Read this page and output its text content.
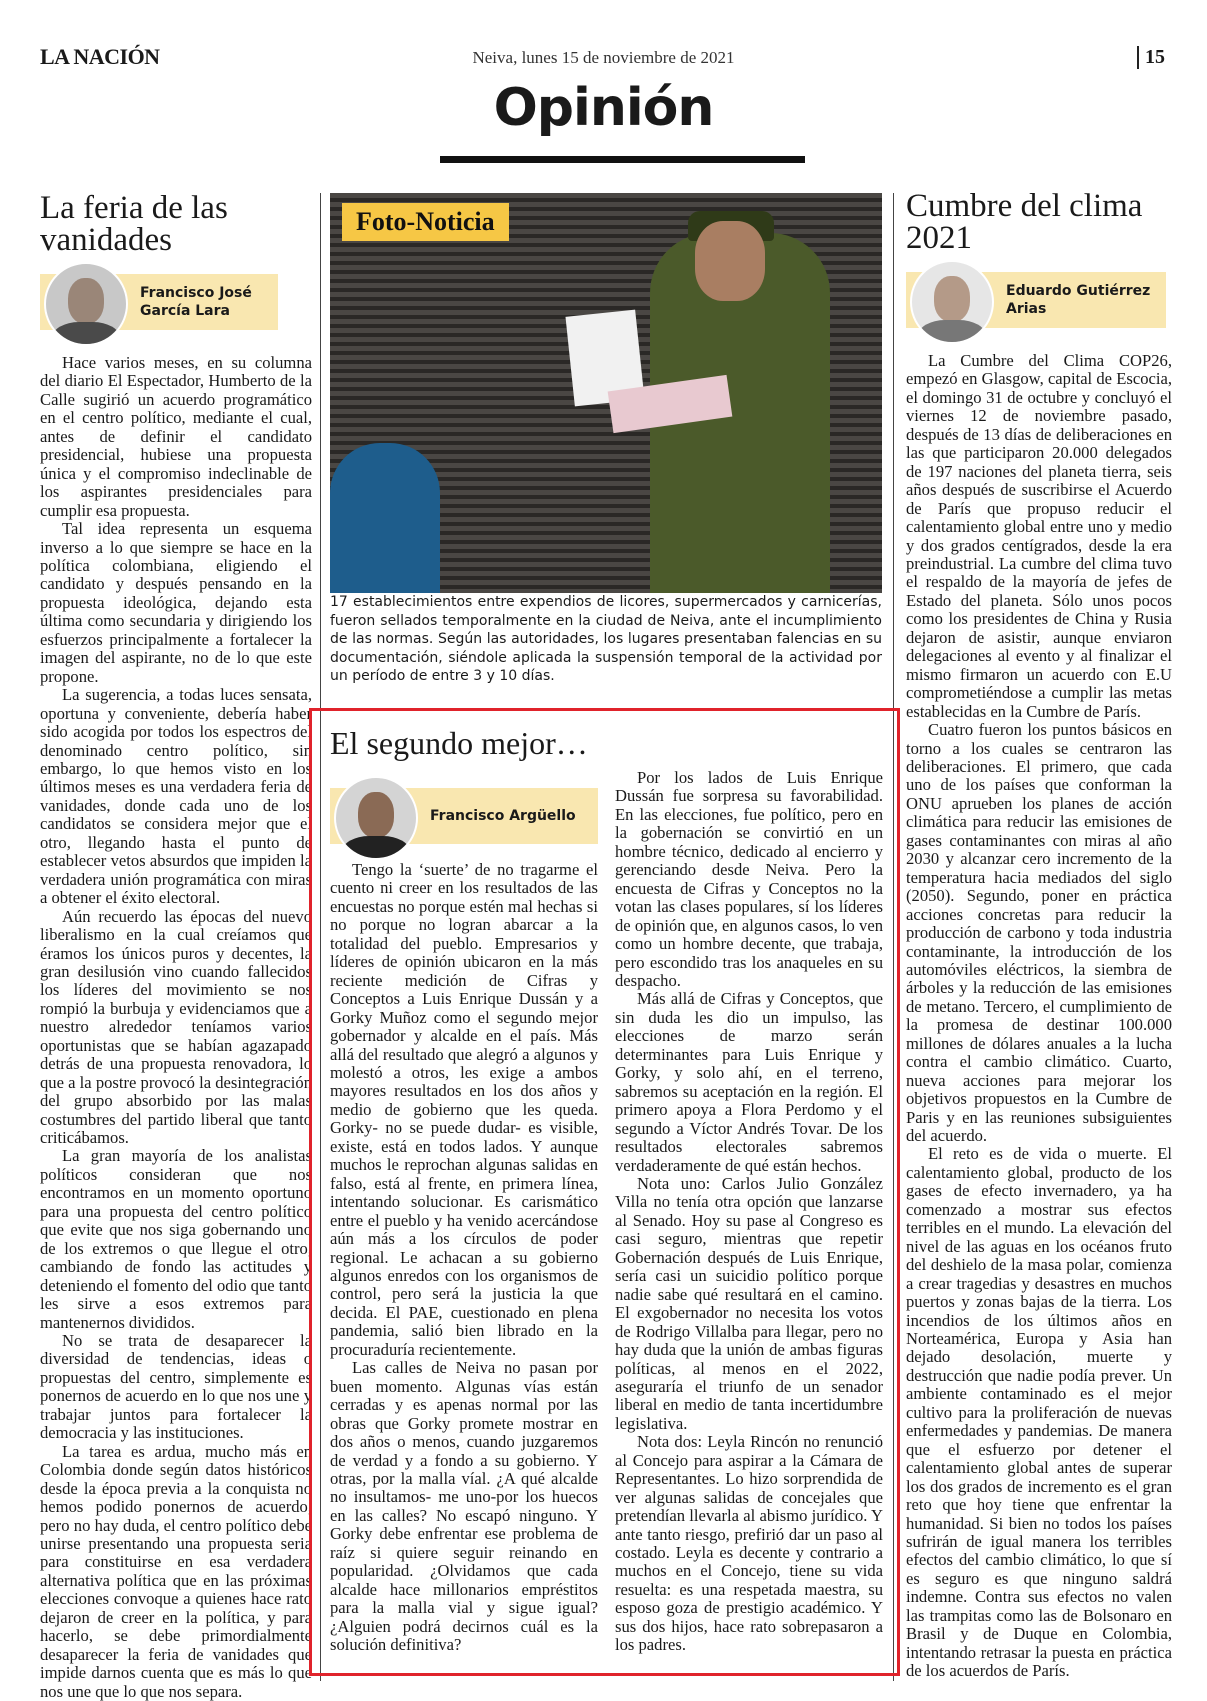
LA NACIÓN	Neiva, lunes 15 de noviembre de 2021	15
Opinión
La feria de las vanidades
Francisco José García Lara

Hace varios meses, en su columna del diario El Espectador, Humberto de la Calle sugirió un acuerdo programático en el centro político, mediante el cual, antes de definir el candidato presidencial, hubiese una propuesta única y el compromiso indeclinable de los aspirantes presidenciales para cumplir esa propuesta.

Tal idea representa un esquema inverso a lo que siempre se hace en la política colombiana, eligiendo el candidato y después pensando en la propuesta ideológica, dejando esta última como secundaria y dirigiendo los esfuerzos principalmente a fortalecer la imagen del aspirante, no de lo que este propone.

La sugerencia, a todas luces sensata, oportuna y conveniente, debería haber sido acogida por todos los espectros del denominado centro político, sin embargo, lo que hemos visto en los últimos meses es una verdadera feria de vanidades, donde cada uno de los candidatos se considera mejor que el otro, llegando hasta el punto de establecer vetos absurdos que impiden la verdadera unión programática con miras a obtener el éxito electoral.

Aún recuerdo las épocas del nuevo liberalismo en la cual creíamos que éramos los únicos puros y decentes, la gran desilusión vino cuando fallecidos los líderes del movimiento se nos rompió la burbuja y evidenciamos que a nuestro alrededor teníamos varios oportunistas que se habían agazapado detrás de una propuesta renovadora, lo que a la postre provocó la desintegración del grupo absorbido por las malas costumbres del partido liberal que tanto criticábamos.

La gran mayoría de los analistas políticos consideran que nos encontramos en un momento oportuno para una propuesta del centro político que evite que nos siga gobernando uno de los extremos o que llegue el otro, cambiando de fondo las actitudes y deteniendo el fomento del odio que tanto les sirve a esos extremos para mantenernos divididos.

No se trata de desaparecer la diversidad de tendencias, ideas o propuestas del centro, simplemente es ponernos de acuerdo en lo que nos une y trabajar juntos para fortalecer la democracia y las instituciones.

La tarea es ardua, mucho más en Colombia donde según datos históricos desde la época previa a la conquista no hemos podido ponernos de acuerdo, pero no hay duda, el centro político debe unirse presentando una propuesta seria para constituirse en esa verdadera alternativa política que en las próximas elecciones convoque a quienes hace rato dejaron de creer en la política, y para hacerlo, se debe primordialmente desaparecer la feria de vanidades que impide darnos cuenta que es más lo que nos une que lo que nos separa.

Foto-Noticia
17 establecimientos entre expendios de licores, supermercados y carnicerías, fueron sellados temporalmente en la ciudad de Neiva, ante el incumplimiento de las normas. Según las autoridades, los lugares presentaban falencias en su documentación, siéndole aplicada la suspensión temporal de la actividad por un período de entre 3 y 10 días.
El segundo mejor…
Francisco Argüello

Tengo la ‘suerte’ de no tragarme el cuento ni creer en los resultados de las encuestas no porque estén mal hechas si no porque no logran abarcar a la totalidad del pueblo. Empresarios y líderes de opinión ubicaron en la más reciente medición de Cifras y Conceptos a Luis Enrique Dussán y a Gorky Muñoz como el segundo mejor gobernador y alcalde en el país. Más allá del resultado que alegró a algunos y molestó a otros, les exige a ambos mayores resultados en los dos años y medio de gobierno que les queda. Gorky- no se puede dudar- es visible, existe, está en todos lados. Y aunque muchos le reprochan algunas salidas en falso, está al frente, en primera línea, intentando solucionar. Es carismático entre el pueblo y ha venido acercándose aún más a los círculos de poder regional. Le achacan a su gobierno algunos enredos con los organismos de control, pero será la justicia la que decida. El PAE, cuestionado en plena pandemia, salió bien librado en la procuraduría recientemente.

Las calles de Neiva no pasan por buen momento. Algunas vías están cerradas y es apenas normal por las obras que Gorky promete mostrar en dos años o menos, cuando juzgaremos de verdad y a fondo a su gobierno. Y otras, por la malla víal. ¿A qué alcalde no insultamos- me uno-por los huecos en las calles? No escapó ninguno. Y Gorky debe enfrentar ese problema de raíz si quiere seguir reinando en popularidad. ¿Olvidamos que cada alcalde hace millonarios empréstitos para la malla vial y sigue igual? ¿Alguien podrá decirnos cuál es la solución definitiva?

Por los lados de Luis Enrique Dussán fue sorpresa su favorabilidad. En las elecciones, fue político, pero en la gobernación se convirtió en un hombre técnico, dedicado al encierro y gerenciando desde Neiva. Pero la encuesta de Cifras y Conceptos no la votan las clases populares, sí los líderes de opinión que, en algunos casos, lo ven como un hombre decente, que trabaja, pero escondido tras los anaqueles en su despacho.

Más allá de Cifras y Conceptos, que sin duda les dio un impulso, las elecciones de marzo serán determinantes para Luis Enrique y Gorky, y solo ahí, en el terreno, sabremos su aceptación en la región. El primero apoya a Flora Perdomo y el segundo a Víctor Andrés Tovar. De los resultados electorales sabremos verdaderamente de qué están hechos.

Nota uno: Carlos Julio González Villa no tenía otra opción que lanzarse al Senado. Hoy su pase al Congreso es casi seguro, mientras que repetir Gobernación después de Luis Enrique, sería casi un suicidio político porque nadie sabe qué resultará en el camino. El exgobernador no necesita los votos de Rodrigo Villalba para llegar, pero no hay duda que la unión de ambas figuras políticas, al menos en el 2022, aseguraría el triunfo de un senador liberal en medio de tanta incertidumbre legislativa.

Nota dos: Leyla Rincón no renunció al Concejo para aspirar a la Cámara de Representantes. Lo hizo sorprendida de ver algunas salidas de concejales que pretendían llevarla al abismo jurídico. Y ante tanto riesgo, prefirió dar un paso al costado. Leyla es decente y contrario a muchos en el Concejo, tiene su vida resuelta: es una respetada maestra, su esposo goza de prestigio académico. Y sus dos hijos, hace rato sobrepasaron a los padres.

Cumbre del clima 2021
Eduardo Gutiérrez Arias

La Cumbre del Clima COP26, empezó en Glasgow, capital de Escocia, el domingo 31 de octubre y concluyó el viernes 12 de noviembre pasado, después de 13 días de deliberaciones en las que participaron 20.000 delegados de 197 naciones del planeta tierra, seis años después de suscribirse el Acuerdo de París que propuso reducir el calentamiento global entre uno y medio y dos grados centígrados, desde la era preindustrial. La cumbre del clima tuvo el respaldo de la mayoría de jefes de Estado del planeta. Sólo unos pocos como los presidentes de China y Rusia dejaron de asistir, aunque enviaron delegaciones al evento y al finalizar el mismo firmaron un acuerdo con E.U comprometiéndose a cumplir las metas establecidas en la Cumbre de París.

Cuatro fueron los puntos básicos en torno a los cuales se centraron las deliberaciones. El primero, que cada uno de los países que conforman la ONU aprueben los planes de acción climática para reducir las emisiones de gases contaminantes con miras al año 2030 y alcanzar cero incremento de la temperatura hacia mediados del siglo (2050). Segundo, poner en práctica acciones concretas para reducir la producción de carbono y toda industria contaminante, la introducción de los automóviles eléctricos, la siembra de árboles y la reducción de las emisiones de metano. Tercero, el cumplimiento de la promesa de destinar 100.000 millones de dólares anuales a la lucha contra el cambio climático. Cuarto, nueva acciones para mejorar los objetivos propuestos en la Cumbre de Paris y en las reuniones subsiguientes del acuerdo.

El reto es de vida o muerte. El calentamiento global, producto de los gases de efecto invernadero, ya ha comenzado a mostrar sus efectos terribles en el mundo. La elevación del nivel de las aguas en los océanos fruto del deshielo de la masa polar, comienza a crear tragedias y desastres en muchos puertos y zonas bajas de la tierra. Los incendios de los últimos años en Norteamérica, Europa y Asia han dejado desolación, muerte y destrucción que nadie podía prever. Un ambiente contaminado es el mejor cultivo para la proliferación de nuevas enfermedades y pandemias. De manera que el esfuerzo por detener el calentamiento global antes de superar los dos grados de incremento es el gran reto que hoy tiene que enfrentar la humanidad. Si bien no todos los países sufrirán de igual manera los terribles efectos del cambio climático, lo que sí es seguro es que ninguno saldrá indemne. Contra sus efectos no valen las trampitas como las de Bolsonaro en Brasil y de Duque en Colombia, intentando retrasar la puesta en práctica de los acuerdos de París.
